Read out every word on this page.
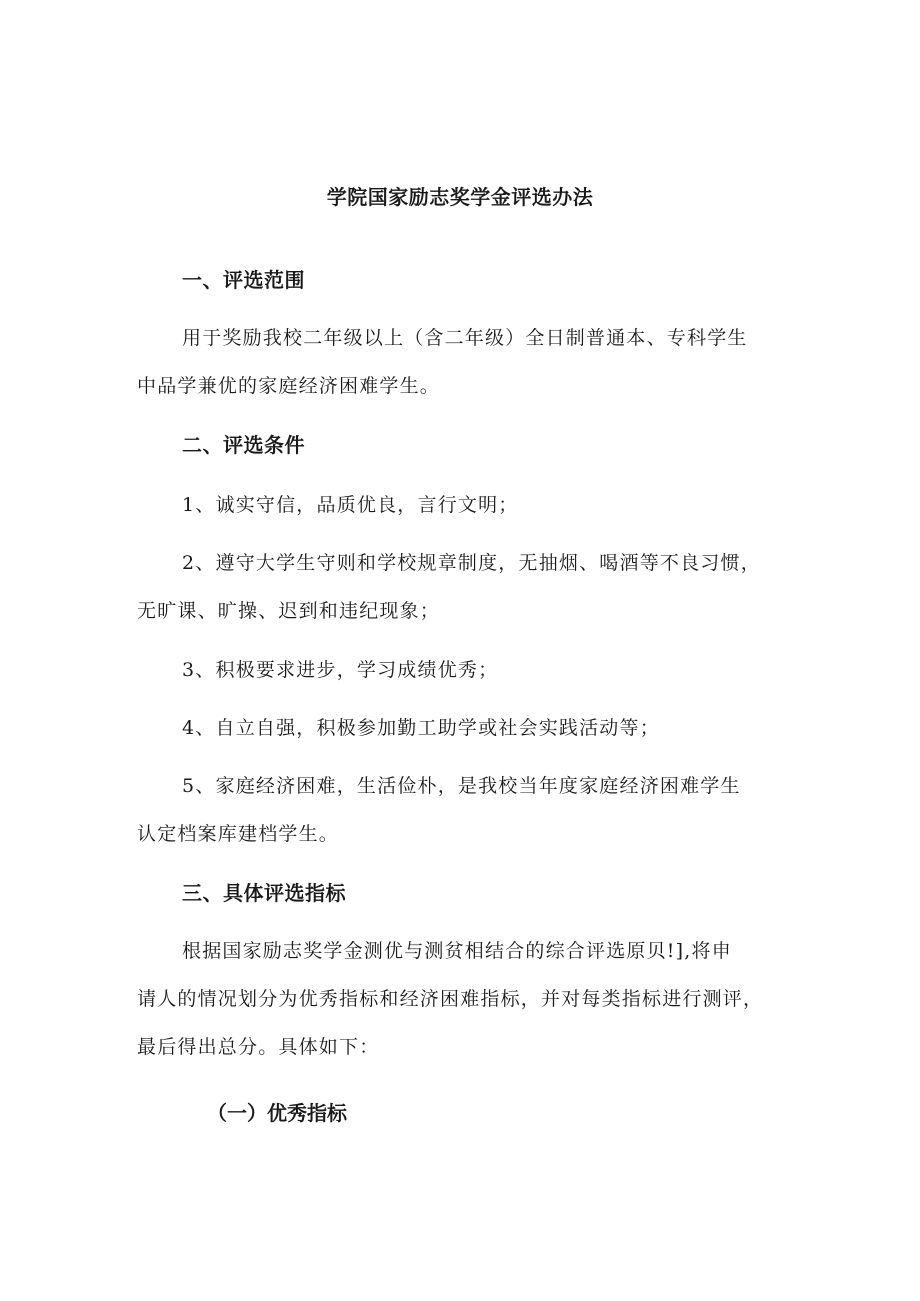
学院国家励志奖学金评选办法
一、评选范围
用于奖励我校二年级以上（含二年级）全日制普通本、专科学生
中品学兼优的家庭经济困难学生。
二、评选条件
1、诚实守信，品质优良，言行文明；
2、遵守大学生守则和学校规章制度，无抽烟、喝酒等不良习惯，
无旷课、旷操、迟到和违纪现象；
3、积极要求进步，学习成绩优秀；
4、自立自强，积极参加勤工助学或社会实践活动等；
5、家庭经济困难，生活俭朴，是我校当年度家庭经济困难学生
认定档案库建档学生。
三、具体评选指标
根据国家励志奖学金测优与测贫相结合的综合评选原贝!],将申
请人的情况划分为优秀指标和经济困难指标，并对每类指标进行测评，
最后得出总分。具体如下：
（一）优秀指标
